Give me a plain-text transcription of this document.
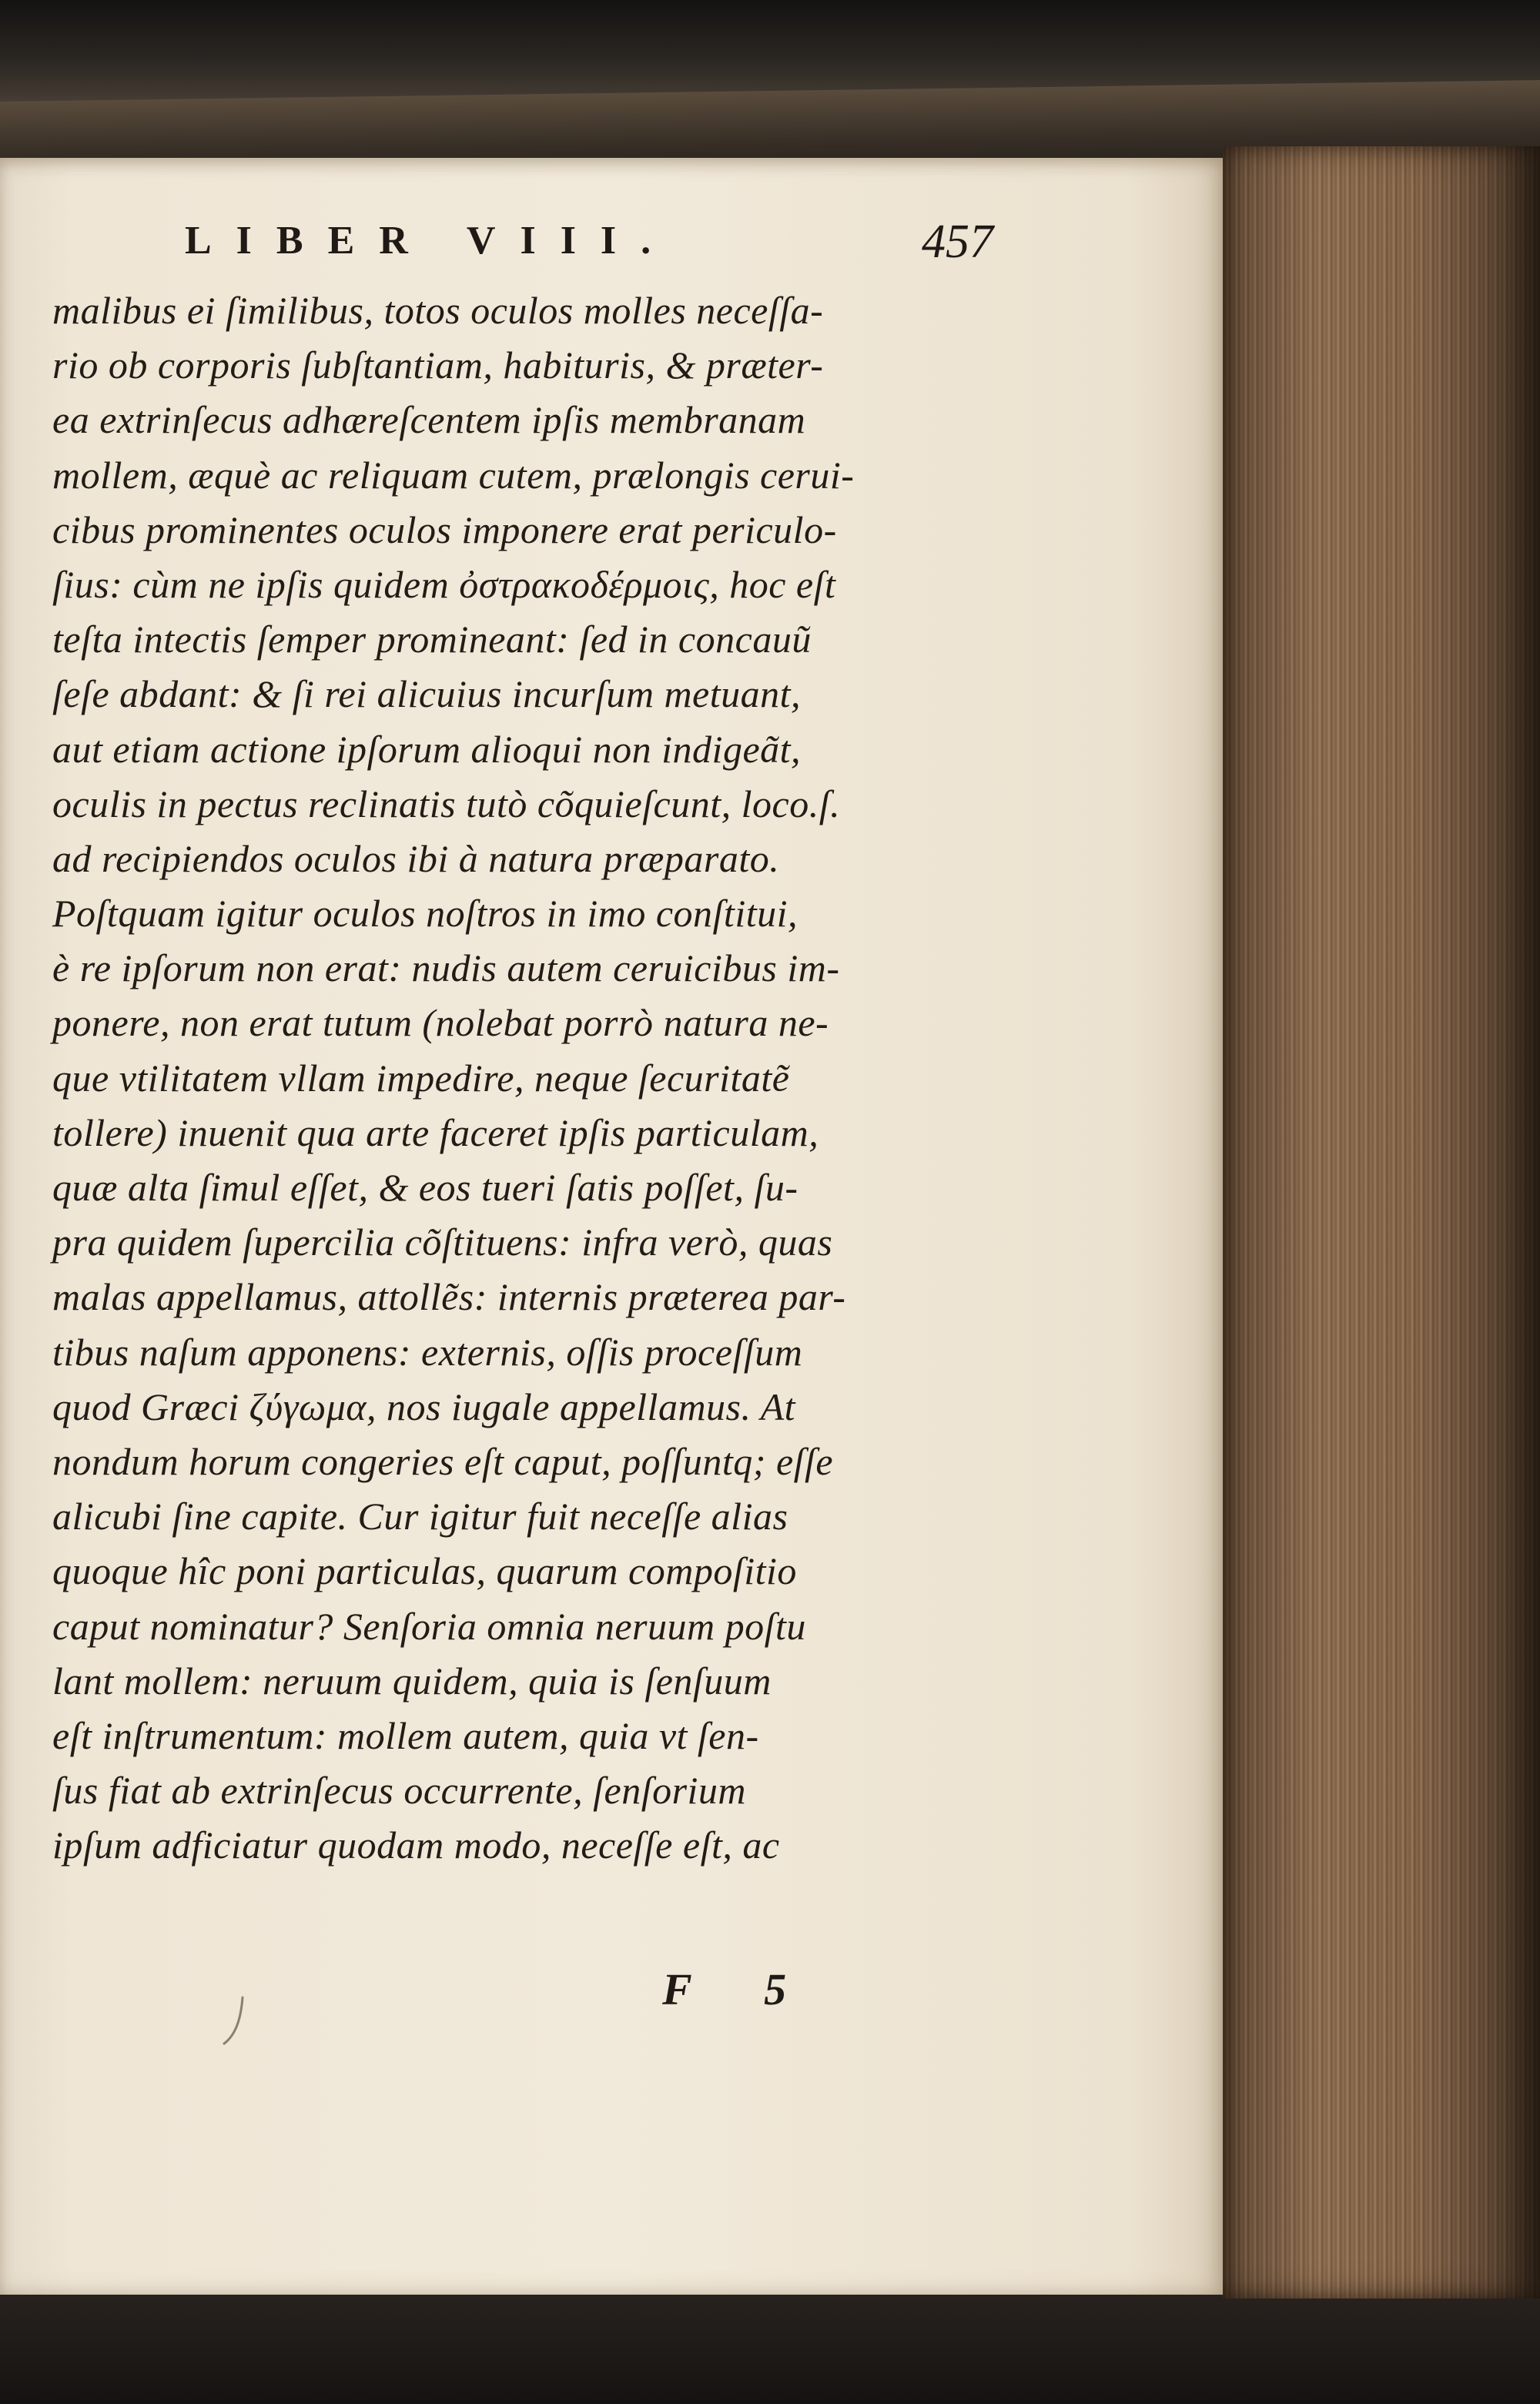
LIBER VIII.	457
malibus ei ſimilibus, totos oculos molles neceſſa-
rio ob corporis ſubſtantiam, habituris, & præter-
ea extrinſecus adhæreſcentem ipſis membranam
mollem, æquè ac reliquam cutem, prælongis cerui-
cibus prominentes oculos imponere erat periculo-
ſius: cùm ne ipſis quidem ὀστρακοδέρμοις, hoc eſt
teſta intectis ſemper promineant: ſed in concauũ
ſeſe abdant: & ſi rei alicuius incurſum metuant,
aut etiam actione ipſorum alioqui non indigeãt,
oculis in pectus reclinatis tutò cõquieſcunt, loco.ſ.
ad recipiendos oculos ibi à natura præparato.
Poſtquam igitur oculos noſtros in imo conſtitui,
è re ipſorum non erat: nudis autem ceruicibus im-
ponere, non erat tutum (nolebat porrò natura ne-
que vtilitatem vllam impedire, neque ſecuritatẽ
tollere) inuenit qua arte faceret ipſis particulam,
quæ alta ſimul eſſet, & eos tueri ſatis poſſet, ſu-
pra quidem ſupercilia cõſtituens: infra verò, quas
malas appellamus, attollẽs: internis præterea par-
tibus naſum apponens: externis, oſſis proceſſum
quod Græci ζύγωμα, nos iugale appellamus. At
nondum horum congeries eſt caput, poſſuntq; eſſe
alicubi ſine capite. Cur igitur fuit neceſſe alias
quoque hîc poni particulas, quarum compoſitio
caput nominatur? Senſoria omnia neruum poſtu
lant mollem: neruum quidem, quia is ſenſuum
eſt inſtrumentum: mollem autem, quia vt ſen-
ſus fiat ab extrinſecus occurrente, ſenſorium
ipſum adficiatur quodam modo, neceſſe eſt, ac
F 5
